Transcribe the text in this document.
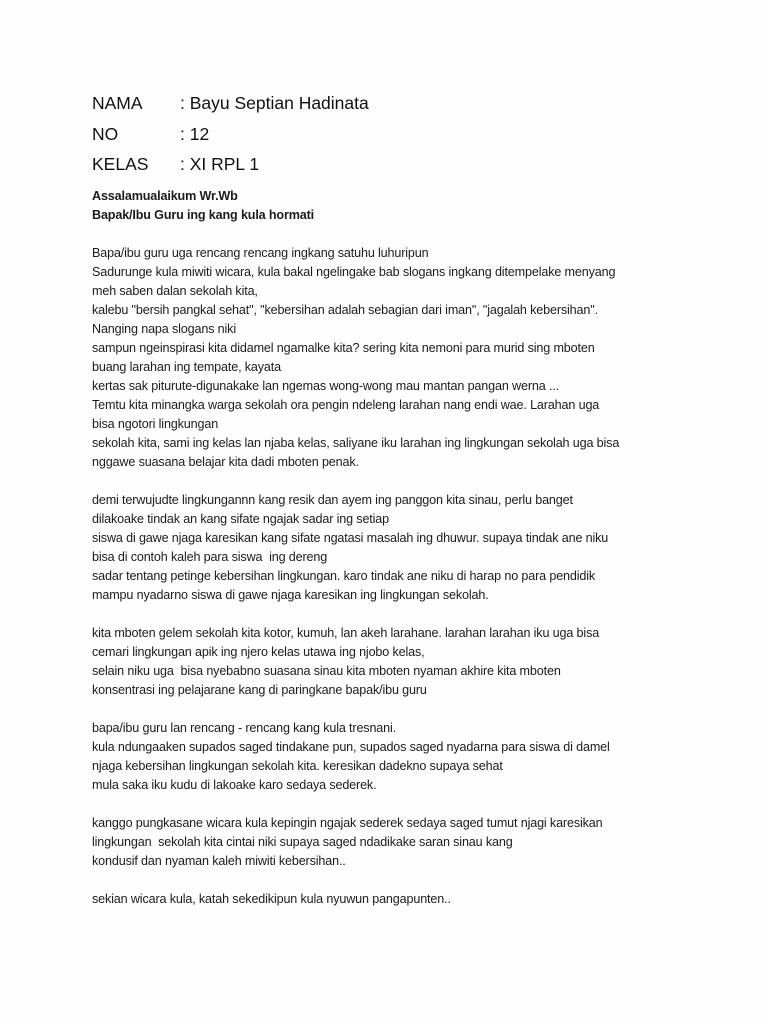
NAMA	: Bayu Septian Hadinata
NO	: 12
KELAS	: XI RPL 1
Assalamualaikum Wr.Wb
Bapak/Ibu Guru ing kang kula hormati
Bapa/ibu guru uga rencang rencang ingkang satuhu luhuripun
Sadurunge kula miwiti wicara, kula bakal ngelingake bab slogans ingkang ditempelake menyang
meh saben dalan sekolah kita,
kalebu "bersih pangkal sehat", "kebersihan adalah sebagian dari iman", "jagalah kebersihan".
Nanging napa slogans niki
sampun ngeinspirasi kita didamel ngamalke kita? sering kita nemoni para murid sing mboten
buang larahan ing tempate, kayata
kertas sak piturute-digunakake lan ngemas wong-wong mau mantan pangan werna ...
Temtu kita minangka warga sekolah ora pengin ndeleng larahan nang endi wae. Larahan uga
bisa ngotori lingkungan
sekolah kita, sami ing kelas lan njaba kelas, saliyane iku larahan ing lingkungan sekolah uga bisa
nggawe suasana belajar kita dadi mboten penak.
demi terwujudte lingkungannn kang resik dan ayem ing panggon kita sinau, perlu banget
dilakoake tindak an kang sifate ngajak sadar ing setiap
siswa di gawe njaga karesikan kang sifate ngatasi masalah ing dhuwur. supaya tindak ane niku
bisa di contoh kaleh para siswa  ing dereng
sadar tentang petinge kebersihan lingkungan. karo tindak ane niku di harap no para pendidik
mampu nyadarno siswa di gawe njaga karesikan ing lingkungan sekolah.
kita mboten gelem sekolah kita kotor, kumuh, lan akeh larahane. larahan larahan iku uga bisa
cemari lingkungan apik ing njero kelas utawa ing njobo kelas,
selain niku uga  bisa nyebabno suasana sinau kita mboten nyaman akhire kita mboten
konsentrasi ing pelajarane kang di paringkane bapak/ibu guru
bapa/ibu guru lan rencang - rencang kang kula tresnani.
kula ndungaaken supados saged tindakane pun, supados saged nyadarna para siswa di damel
njaga kebersihan lingkungan sekolah kita. keresikan dadekno supaya sehat
mula saka iku kudu di lakoake karo sedaya sederek.
kanggo pungkasane wicara kula kepingin ngajak sederek sedaya saged tumut njagi karesikan
lingkungan  sekolah kita cintai niki supaya saged ndadikake saran sinau kang
kondusif dan nyaman kaleh miwiti kebersihan..
sekian wicara kula, katah sekedikipun kula nyuwun pangapunten..
